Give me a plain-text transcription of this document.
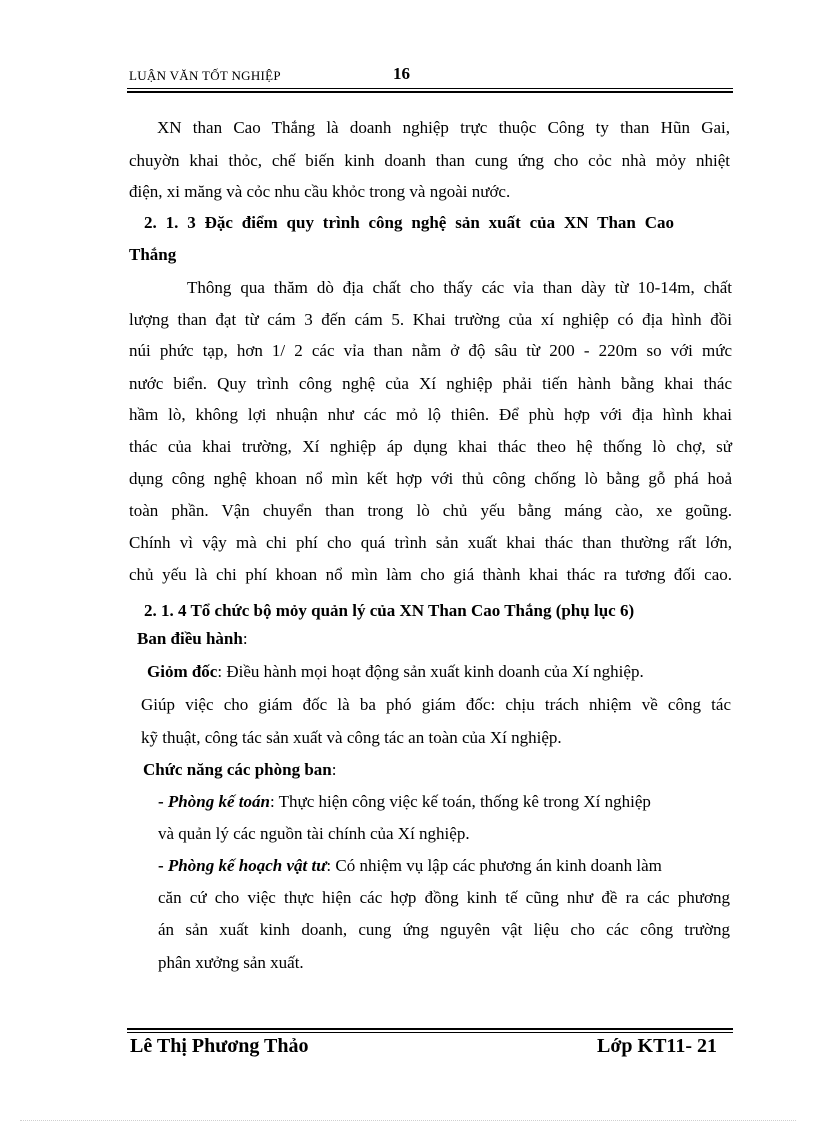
LUẬN VĂN TỐT NGHIỆP	16
XN than Cao Thắng là doanh nghiệp trực thuộc Công ty than Hũn Gai,
chuyờn khai thỏc, chế biến kinh doanh than cung ứng cho cỏc nhà mỏy nhiệt
điện, xi măng và cỏc nhu cầu khỏc trong và ngoài nước.
2. 1. 3 Đặc điểm quy trình công nghệ sản xuất của XN Than Cao
Thắng
Thông qua thăm dò địa chất cho thấy các vỉa than dày từ 10-14m, chất
lượng than đạt từ cám 3 đến cám 5. Khai trường của xí nghiệp có địa hình đồi
núi phức tạp, hơn 1/ 2 các vỉa than nằm ở độ sâu từ 200 - 220m so với mức
nước biển. Quy trình công nghệ của Xí nghiệp phải tiến hành bằng khai thác
hầm lò, không lợi nhuận như các mỏ lộ thiên. Để phù hợp với địa hình khai
thác của khai trường, Xí nghiệp áp dụng khai thác theo hệ thống lò chợ, sử
dụng công nghệ khoan nổ mìn kết hợp với thủ công chống lò bằng gỗ phá hoả
toàn phần. Vận chuyển than trong lò chủ yếu bằng máng cào, xe goũng.
Chính vì vậy mà chi phí cho quá trình sản xuất khai thác than thường rất lớn,
chủ yếu là chi phí khoan nổ mìn làm cho giá thành khai thác ra tương đối cao.
2. 1. 4 Tổ chức bộ mỏy quản lý của XN Than Cao Thắng (phụ lục 6)
Ban điều hành:
Giỏm đốc: Điều hành mọi hoạt động sản xuất kinh doanh của Xí nghiệp.
Giúp việc cho giám đốc là ba phó giám đốc: chịu trách nhiệm về công tác
kỹ thuật, công tác sản xuất và công tác an toàn của Xí nghiệp.
Chức năng các phòng ban:
- Phòng kế toán: Thực hiện công việc kế toán, thống kê trong Xí nghiệp
và quản lý các nguồn tài chính của Xí nghiệp.
- Phòng kế hoạch vật tư: Có nhiệm vụ lập các phương án kinh doanh làm
căn cứ cho việc thực hiện các hợp đồng kinh tế cũng như đề ra các phương
án sản xuất kinh doanh, cung ứng nguyên vật liệu cho các công trường
phân xưởng sản xuất.
Lê Thị Phương Thảo	Lớp KT11- 21
